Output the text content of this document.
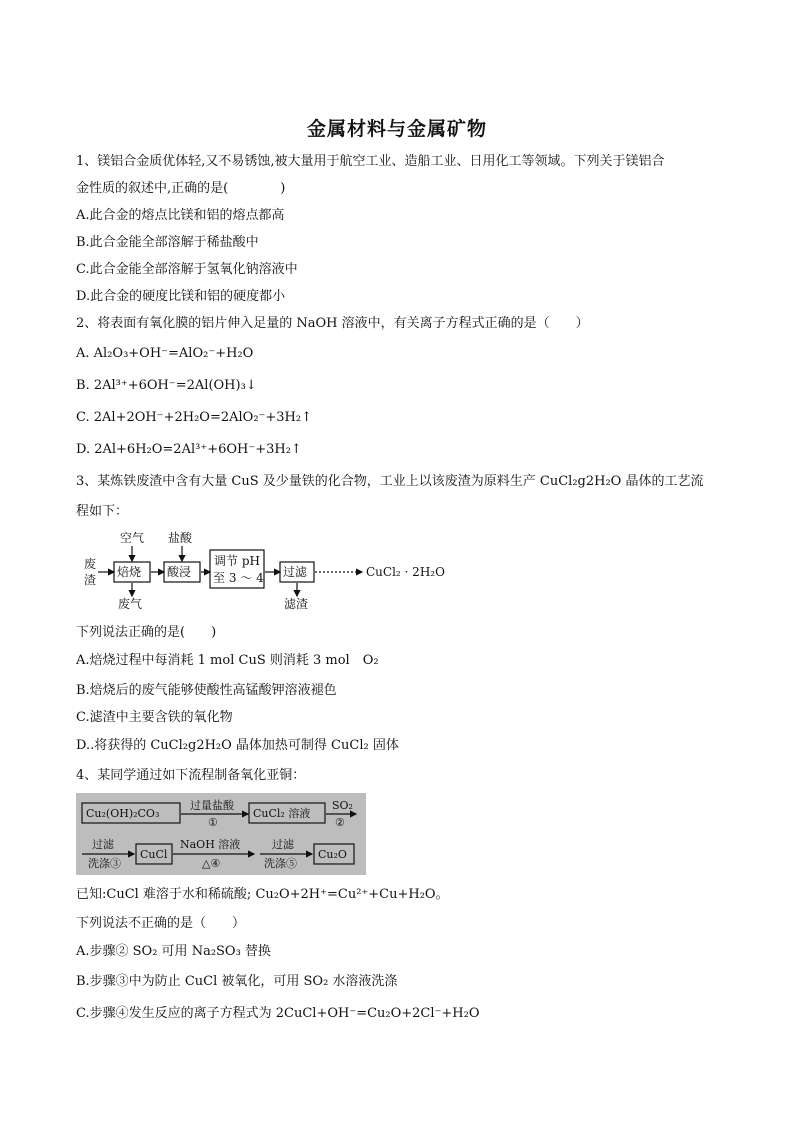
金属材料与金属矿物
1、镁铝合金质优体轻,又不易锈蚀,被大量用于航空工业、造船工业、日用化工等领域。下列关于镁铝合
金性质的叙述中,正确的是(　　　　)
A.此合金的熔点比镁和铝的熔点都高
B.此合金能全部溶解于稀盐酸中
C.此合金能全部溶解于氢氧化钠溶液中
D.此合金的硬度比镁和铝的硬度都小
2、将表面有氧化膜的铝片伸入足量的 NaOH 溶液中，有关离子方程式正确的是（　　）
A. Al₂O₃+OH⁻=AlO₂⁻+H₂O
B. 2Al³⁺+6OH⁻=2Al(OH)₃↓
C. 2Al+2OH⁻+2H₂O=2AlO₂⁻+3H₂↑
D. 2Al+6H₂O=2Al³⁺+6OH⁻+3H₂↑
3、某炼铁废渣中含有大量 CuS 及少量铁的化合物，工业上以该废渣为原料生产 CuCl₂g2H₂O 晶体的工艺流
程如下：
废
渣
焙烧
空气
废气
酸浸
盐酸
调节 pH
至 3 ～ 4 过滤
滤渣
CuCl₂ · 2H₂O
下列说法正确的是(　　)
A.焙烧过程中每消耗 1 mol CuS 则消耗 3 mol　O₂
B.焙烧后的废气能够使酸性高锰酸钾溶液褪色
C.滤渣中主要含铁的氧化物
D..将获得的 CuCl₂g2H₂O 晶体加热可制得 CuCl₂ 固体
4、某同学通过如下流程制备氧化亚铜：
Cu₂(OH)₂CO₃
过量盐酸
①
CuCl₂ 溶液
SO₂
②
过滤
洗涤③
CuCl
NaOH 溶液
△④
过滤
洗涤⑤
Cu₂O
已知:CuCl 难溶于水和稀硫酸; Cu₂O+2H⁺=Cu²⁺+Cu+H₂O。
下列说法不正确的是（　　）
A.步骤② SO₂ 可用 Na₂SO₃ 替换
B.步骤③中为防止 CuCl 被氧化，可用 SO₂ 水溶液洗涤
C.步骤④发生反应的离子方程式为 2CuCl+OH⁻=Cu₂O+2Cl⁻+H₂O
